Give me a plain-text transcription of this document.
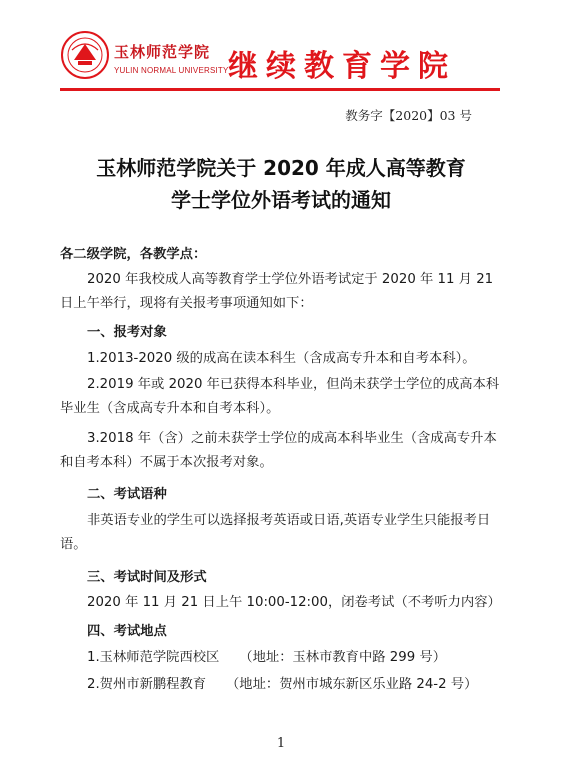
玉林师范学院
YULIN NORMAL UNIVERSITY 继续教育学院
教务字【2020】03 号
玉林师范学院关于 2020 年成人高等教育
学士学位外语考试的通知
各二级学院，各教学点：
2020 年我校成人高等教育学士学位外语考试定于 2020 年 11 月 21 日上午举行，现将有关报考事项通知如下：
一、报考对象
1.2013-2020 级的成高在读本科生（含成高专升本和自考本科）。
2.2019 年或 2020 年已获得本科毕业，但尚未获学士学位的成高本科毕业生（含成高专升本和自考本科）。
3.2018 年（含）之前未获学士学位的成高本科毕业生（含成高专升本和自考本科）不属于本次报考对象。
二、考试语种
非英语专业的学生可以选择报考英语或日语,英语专业学生只能报考日语。
三、考试时间及形式
2020 年 11 月 21 日上午 10:00-12:00，闭卷考试（不考听力内容）
四、考试地点
1.玉林师范学院西校区　　（地址：玉林市教育中路 299 号）
2.贺州市新鹏程教育　　（地址：贺州市城东新区乐业路 24-2 号）
1
